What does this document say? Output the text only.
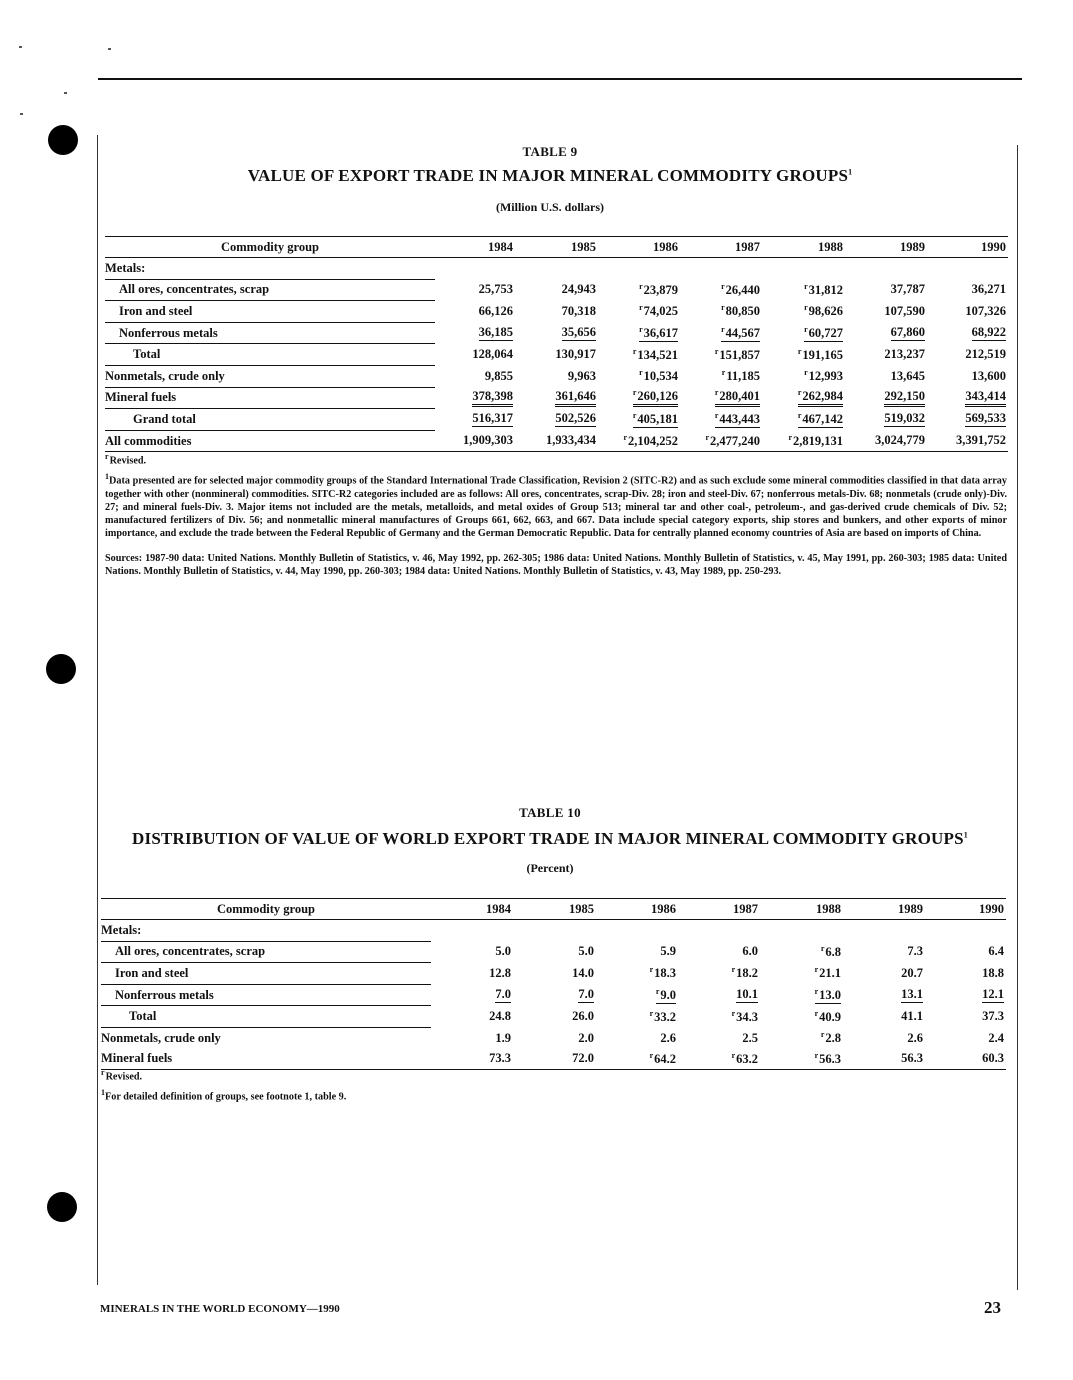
TABLE 9
VALUE OF EXPORT TRADE IN MAJOR MINERAL COMMODITY GROUPS$^1$
(Million U.S. dollars)
Commodity group	1984	1985	1986	1987	1988	1989	1990
Metals:							
All ores, concentrates, scrap	25,753	24,943	$^r$23,879	$^r$26,440	$^r$31,812	37,787	36,271
Iron and steel	66,126	70,318	$^r$74,025	$^r$80,850	$^r$98,626	107,590	107,326
Nonferrous metals	36,185	35,656	$^r$36,617	$^r$44,567	$^r$60,727	67,860	68,922
Total	128,064	130,917	$^r$134,521	$^r$151,857	$^r$191,165	213,237	212,519
Nonmetals, crude only	9,855	9,963	$^r$10,534	$^r$11,185	$^r$12,993	13,645	13,600
Mineral fuels	378,398	361,646	$^r$260,126	$^r$280,401	$^r$262,984	292,150	343,414
Grand total	516,317	502,526	$^r$405,181	$^r$443,443	$^r$467,142	519,032	569,533
All commodities	1,909,303	1,933,434	$^r$2,104,252	$^r$2,477,240	$^r$2,819,131	3,024,779	3,391,752

$^r$Revised.

$^1$Data presented are for selected major commodity groups of the Standard International Trade Classification, Revision 2 (SITC-R2) and as such exclude some mineral commodities classified in that data array together with other (nonmineral) commodities. SITC-R2 categories included are as follows: All ores, concentrates, scrap-Div. 28; iron and steel-Div. 67; nonferrous metals-Div. 68; nonmetals (crude only)-Div. 27; and mineral fuels-Div. 3. Major items not included are the metals, metalloids, and metal oxides of Group 513; mineral tar and other coal-, petroleum-, and gas-derived crude chemicals of Div. 52; manufactured fertilizers of Div. 56; and nonmetallic mineral manufactures of Groups 661, 662, 663, and 667. Data include special category exports, ship stores and bunkers, and other exports of minor importance, and exclude the trade between the Federal Republic of Germany and the German Democratic Republic. Data for centrally planned economy countries of Asia are based on imports of China.

Sources: 1987-90 data: United Nations. Monthly Bulletin of Statistics, v. 46, May 1992, pp. 262-305; 1986 data: United Nations. Monthly Bulletin of Statistics, v. 45, May 1991, pp. 260-303; 1985 data: United Nations. Monthly Bulletin of Statistics, v. 44, May 1990, pp. 260-303; 1984 data: United Nations. Monthly Bulletin of Statistics, v. 43, May 1989, pp. 250-293.

TABLE 10
DISTRIBUTION OF VALUE OF WORLD EXPORT TRADE IN MAJOR MINERAL COMMODITY GROUPS$^1$
(Percent)
Commodity group	1984	1985	1986	1987	1988	1989	1990
Metals:							
All ores, concentrates, scrap	5.0	5.0	5.9	6.0	$^r$6.8	7.3	6.4
Iron and steel	12.8	14.0	$^r$18.3	$^r$18.2	$^r$21.1	20.7	18.8
Nonferrous metals	7.0	7.0	$^r$9.0	10.1	$^r$13.0	13.1	12.1
Total	24.8	26.0	$^r$33.2	$^r$34.3	$^r$40.9	41.1	37.3
Nonmetals, crude only	1.9	2.0	2.6	2.5	$^r$2.8	2.6	2.4
Mineral fuels	73.3	72.0	$^r$64.2	$^r$63.2	$^r$56.3	56.3	60.3

$^r$Revised.

$^1$For detailed definition of groups, see footnote 1, table 9.

MINERALS IN THE WORLD ECONOMY—1990	23
